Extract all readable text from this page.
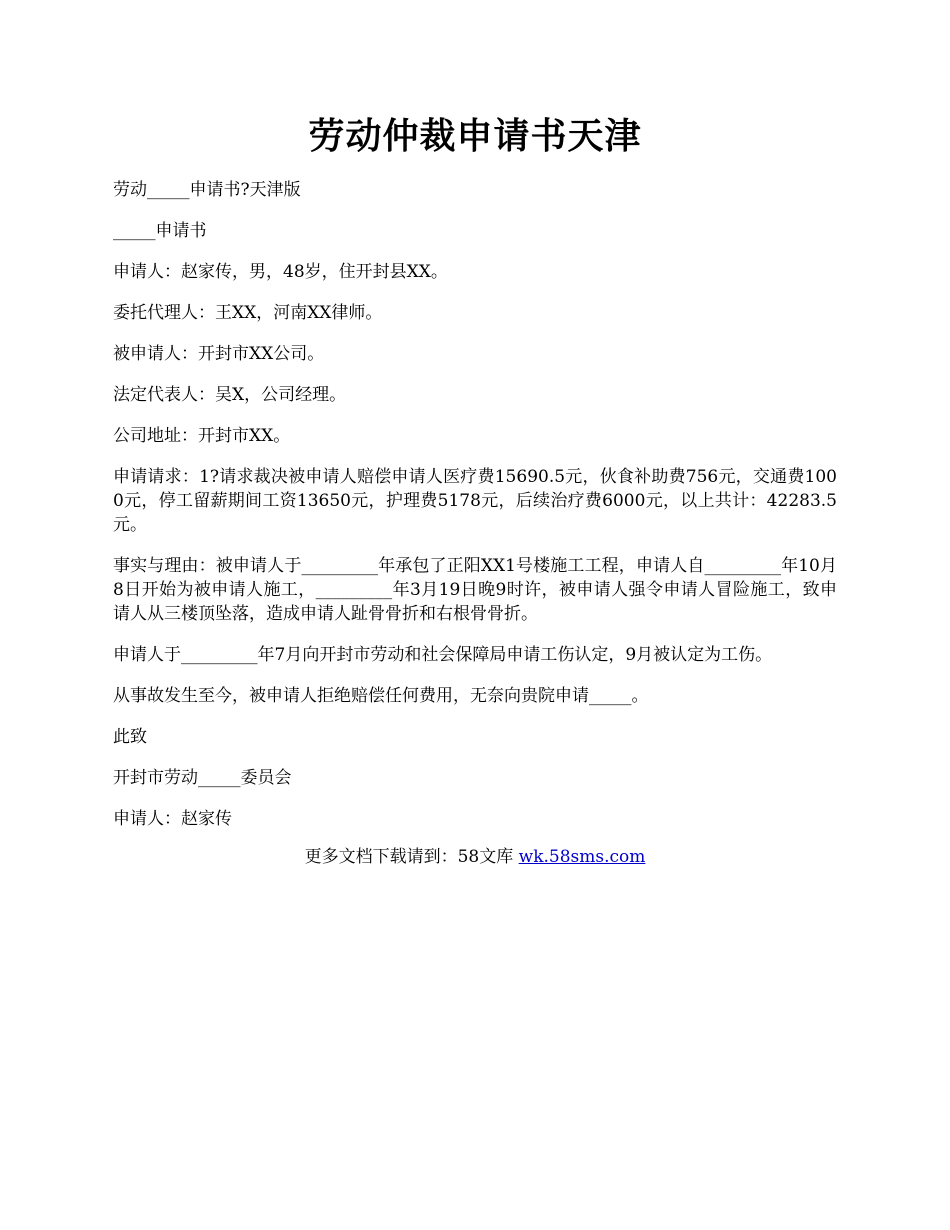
劳动仲裁申请书天津

劳动_____申请书?天津版

_____申请书

申请人：赵家传，男，48岁，住开封县XX。

委托代理人：王XX，河南XX律师。

被申请人：开封市XX公司。

法定代表人：吴X，公司经理。

公司地址：开封市XX。

申请请求：1?请求裁决被申请人赔偿申请人医疗费15690.5元，伙食补助费756元，交通费1000元，停工留薪期间工资13650元，护理费5178元，后续治疗费6000元，以上共计：42283.5元。

事实与理由：被申请人于_________年承包了正阳XX1号楼施工工程，申请人自_________年10月8日开始为被申请人施工，_________年3月19日晚9时许，被申请人强令申请人冒险施工，致申请人从三楼顶坠落，造成申请人趾骨骨折和右根骨骨折。

申请人于_________年7月向开封市劳动和社会保障局申请工伤认定，9月被认定为工伤。

从事故发生至今，被申请人拒绝赔偿任何费用，无奈向贵院申请_____。

此致

开封市劳动_____委员会

申请人：赵家传

更多文档下载请到：58文库 wk.58sms.com
